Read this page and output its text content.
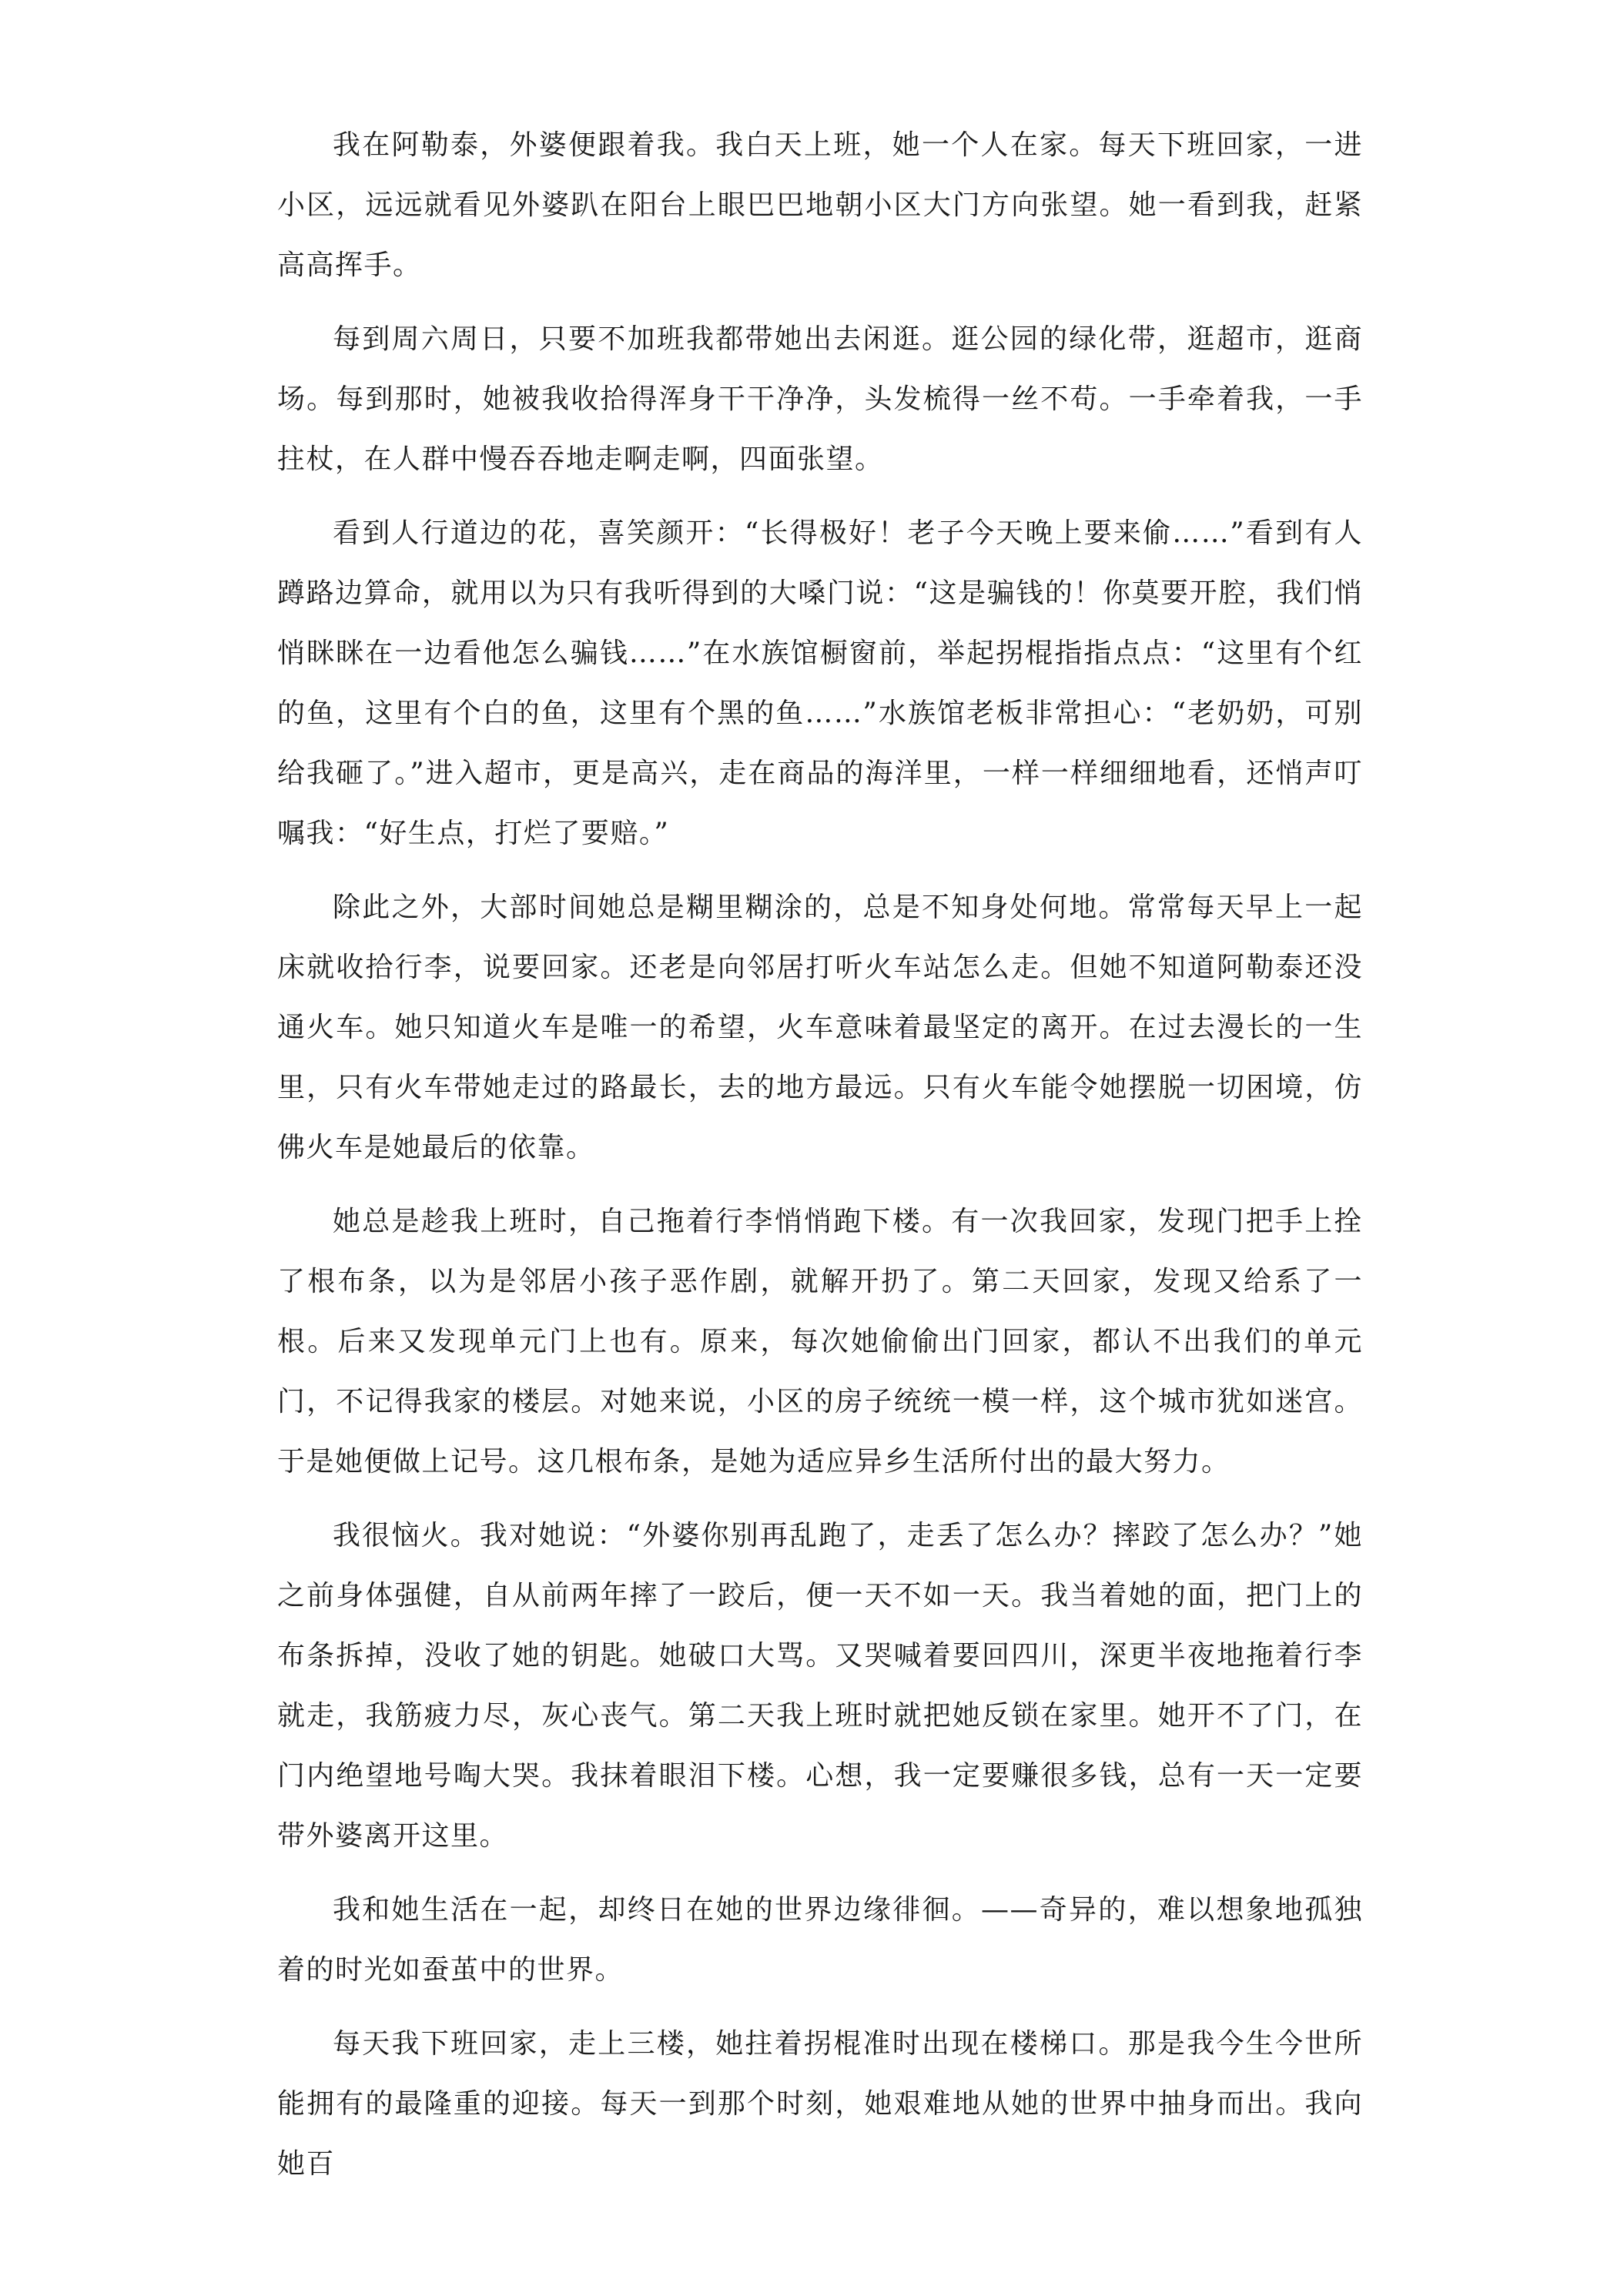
我在阿勒泰，外婆便跟着我。我白天上班，她一个人在家。每天下班回家，一进小区，远远就看见外婆趴在阳台上眼巴巴地朝小区大门方向张望。她一看到我，赶紧高高挥手。

每到周六周日，只要不加班我都带她出去闲逛。逛公园的绿化带，逛超市，逛商场。每到那时，她被我收拾得浑身干干净净，头发梳得一丝不苟。一手牵着我，一手拄杖，在人群中慢吞吞地走啊走啊，四面张望。

看到人行道边的花，喜笑颜开：“长得极好！老子今天晚上要来偷……”看到有人蹲路边算命，就用以为只有我听得到的大嗓门说：“这是骗钱的！你莫要开腔，我们悄悄眯眯在一边看他怎么骗钱……”在水族馆橱窗前，举起拐棍指指点点：“这里有个红的鱼，这里有个白的鱼，这里有个黑的鱼……”水族馆老板非常担心：“老奶奶，可别给我砸了。”进入超市，更是高兴，走在商品的海洋里，一样一样细细地看，还悄声叮嘱我：“好生点，打烂了要赔。”

除此之外，大部时间她总是糊里糊涂的，总是不知身处何地。常常每天早上一起床就收拾行李，说要回家。还老是向邻居打听火车站怎么走。但她不知道阿勒泰还没通火车。她只知道火车是唯一的希望，火车意味着最坚定的离开。在过去漫长的一生里，只有火车带她走过的路最长，去的地方最远。只有火车能令她摆脱一切困境，仿佛火车是她最后的依靠。

她总是趁我上班时，自己拖着行李悄悄跑下楼。有一次我回家，发现门把手上拴了根布条，以为是邻居小孩子恶作剧，就解开扔了。第二天回家，发现又给系了一根。后来又发现单元门上也有。原来，每次她偷偷出门回家，都认不出我们的单元门，不记得我家的楼层。对她来说，小区的房子统统一模一样，这个城市犹如迷宫。于是她便做上记号。这几根布条，是她为适应异乡生活所付出的最大努力。

我很恼火。我对她说：“外婆你别再乱跑了，走丢了怎么办？摔跤了怎么办？”她之前身体强健，自从前两年摔了一跤后，便一天不如一天。我当着她的面，把门上的布条拆掉，没收了她的钥匙。她破口大骂。又哭喊着要回四川，深更半夜地拖着行李就走，我筋疲力尽，灰心丧气。第二天我上班时就把她反锁在家里。她开不了门，在门内绝望地号啕大哭。我抹着眼泪下楼。心想，我一定要赚很多钱，总有一天一定要带外婆离开这里。

我和她生活在一起，却终日在她的世界边缘徘徊。——奇异的，难以想象地孤独着的时光如蚕茧中的世界。

每天我下班回家，走上三楼，她拄着拐棍准时出现在楼梯口。那是我今生今世所能拥有的最隆重的迎接。每天一到那个时刻，她艰难地从她的世界中抽身而出。我向她百
